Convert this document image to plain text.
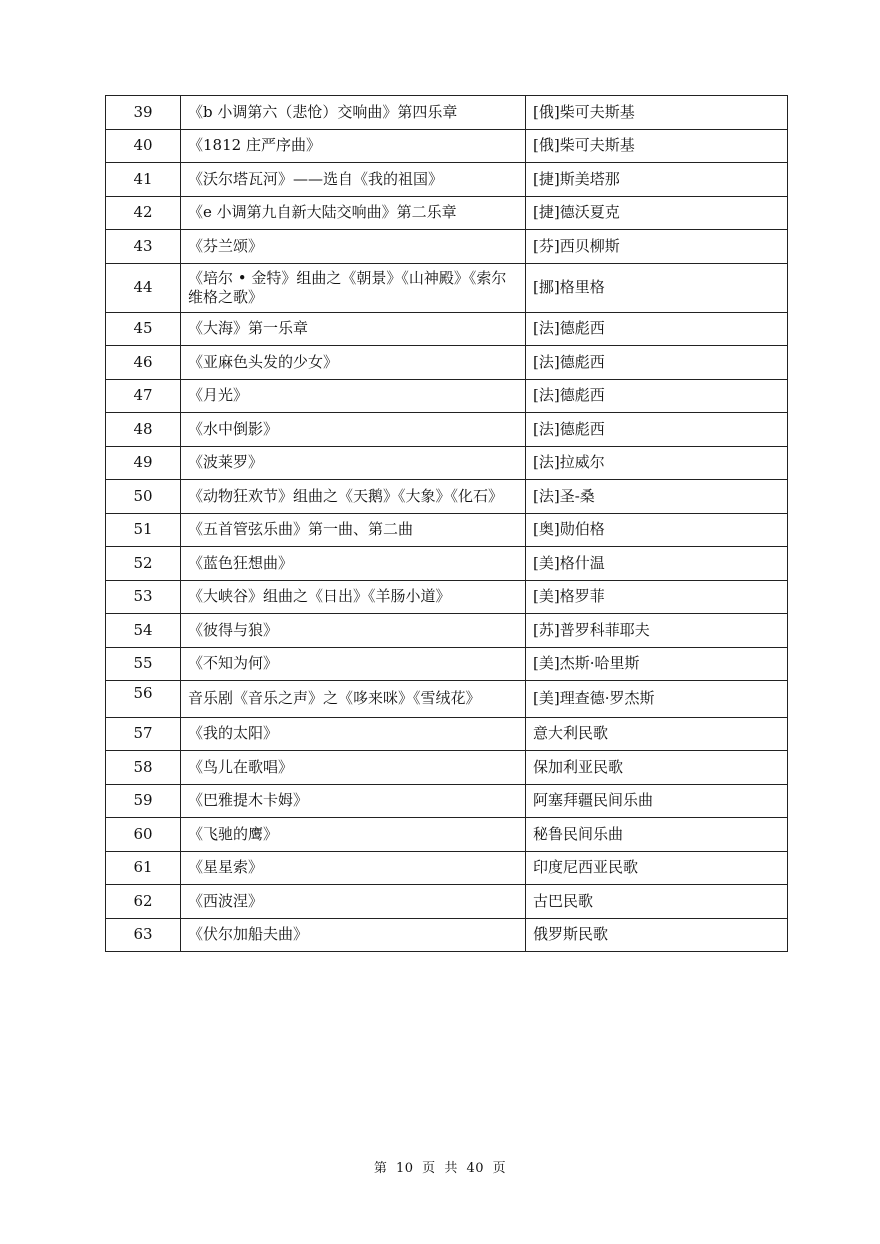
39	《b 小调第六（悲怆）交响曲》第四乐章	[俄]柴可夫斯基
40	《1812 庄严序曲》	[俄]柴可夫斯基
41	《沃尔塔瓦河》——选自《我的祖国》	[捷]斯美塔那
42	《e 小调第九自新大陆交响曲》第二乐章	[捷]德沃夏克
43	《芬兰颂》	[芬]西贝柳斯
44	《培尔 • 金特》组曲之《朝景》《山神殿》《索尔维格之歌》	[挪]格里格
45	《大海》第一乐章	[法]德彪西
46	《亚麻色头发的少女》	[法]德彪西
47	《月光》	[法]德彪西
48	《水中倒影》	[法]德彪西
49	《波莱罗》	[法]拉威尔
50	《动物狂欢节》组曲之《天鹅》《大象》《化石》	[法]圣-桑
51	《五首管弦乐曲》第一曲、第二曲	[奥]勋伯格
52	《蓝色狂想曲》	[美]格什温
53	《大峡谷》组曲之《日出》《羊肠小道》	[美]格罗菲
54	《彼得与狼》	[苏]普罗科菲耶夫
55	《不知为何》	[美]杰斯·哈里斯
56	音乐剧《音乐之声》之《哆来咪》《雪绒花》	[美]理查德·罗杰斯
57	《我的太阳》	意大利民歌
58	《鸟儿在歌唱》	保加利亚民歌
59	《巴雅提木卡姆》	阿塞拜疆民间乐曲
60	《飞驰的鹰》	秘鲁民间乐曲
61	《星星索》	印度尼西亚民歌
62	《西波涅》	古巴民歌
63	《伏尔加船夫曲》	俄罗斯民歌
第 10 页 共 40 页
